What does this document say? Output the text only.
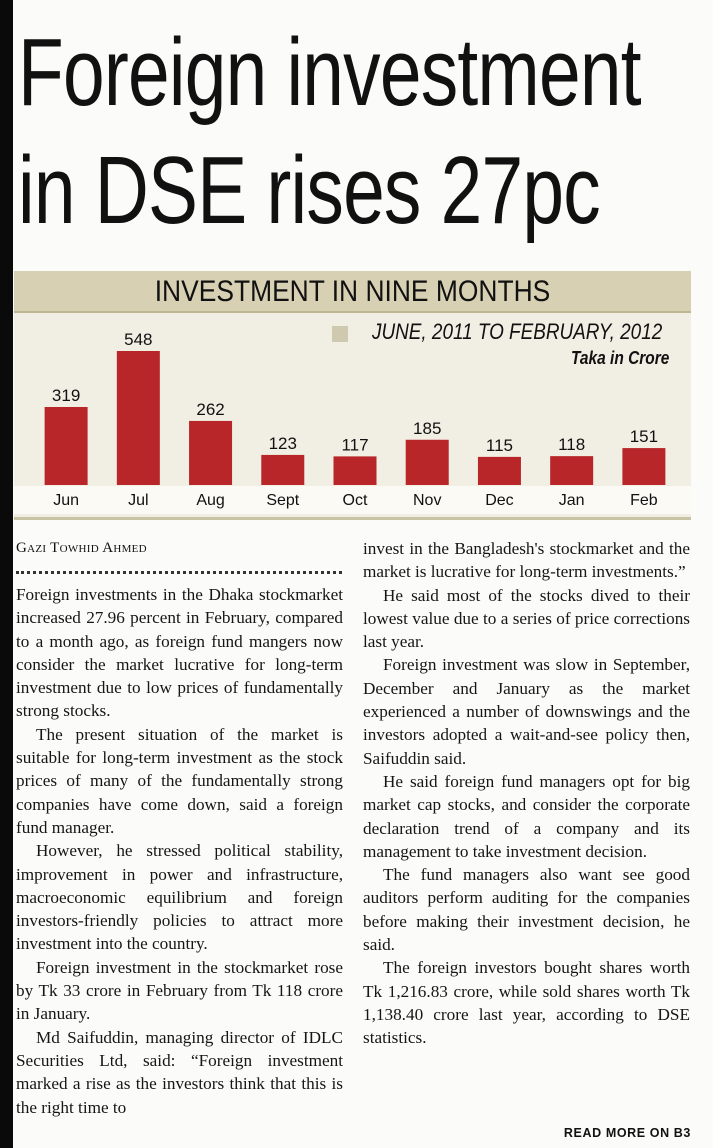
Foreign investment
in DSE rises 27pc
INVESTMENT IN NINE MONTHS
JUNE, 2011 TO FEBRUARY, 2012
Taka in Crore
319
Jun
548
Jul
262
Aug
123
Sept
117
Oct
185
Nov
115
Dec
118
Jan
151
Feb
Gazi Towhid Ahmed

Foreign investments in the Dhaka stockmarket increased 27.96 percent in February, compared to a month ago, as foreign fund mangers now consider the market lucrative for long-term investment due to low prices of fundamentally strong stocks.

The present situation of the market is suitable for long-term investment as the stock prices of many of the fundamentally strong companies have come down, said a foreign fund manager.

However, he stressed political stability, improvement in power and infrastructure, macroeconomic equilibrium and foreign investors-friendly policies to attract more investment into the country.

Foreign investment in the stockmarket rose by Tk 33 crore in February from Tk 118 crore in January.

Md Saifuddin, managing director of IDLC Securities Ltd, said: “Foreign investment marked a rise as the investors think that this is the right time to

invest in the Bangladesh's stockmarket and the market is lucrative for long-term investments.”

He said most of the stocks dived to their lowest value due to a series of price corrections last year.

Foreign investment was slow in September, December and January as the market experienced a number of downswings and the investors adopted a wait-and-see policy then, Saifuddin said.

He said foreign fund managers opt for big market cap stocks, and consider the corporate declaration trend of a company and its management to take investment decision.

The fund managers also want see good auditors perform auditing for the companies before making their investment decision, he said.

The foreign investors bought shares worth Tk 1,216.83 crore, while sold shares worth Tk 1,138.40 crore last year, according to DSE statistics.

READ MORE ON B3
